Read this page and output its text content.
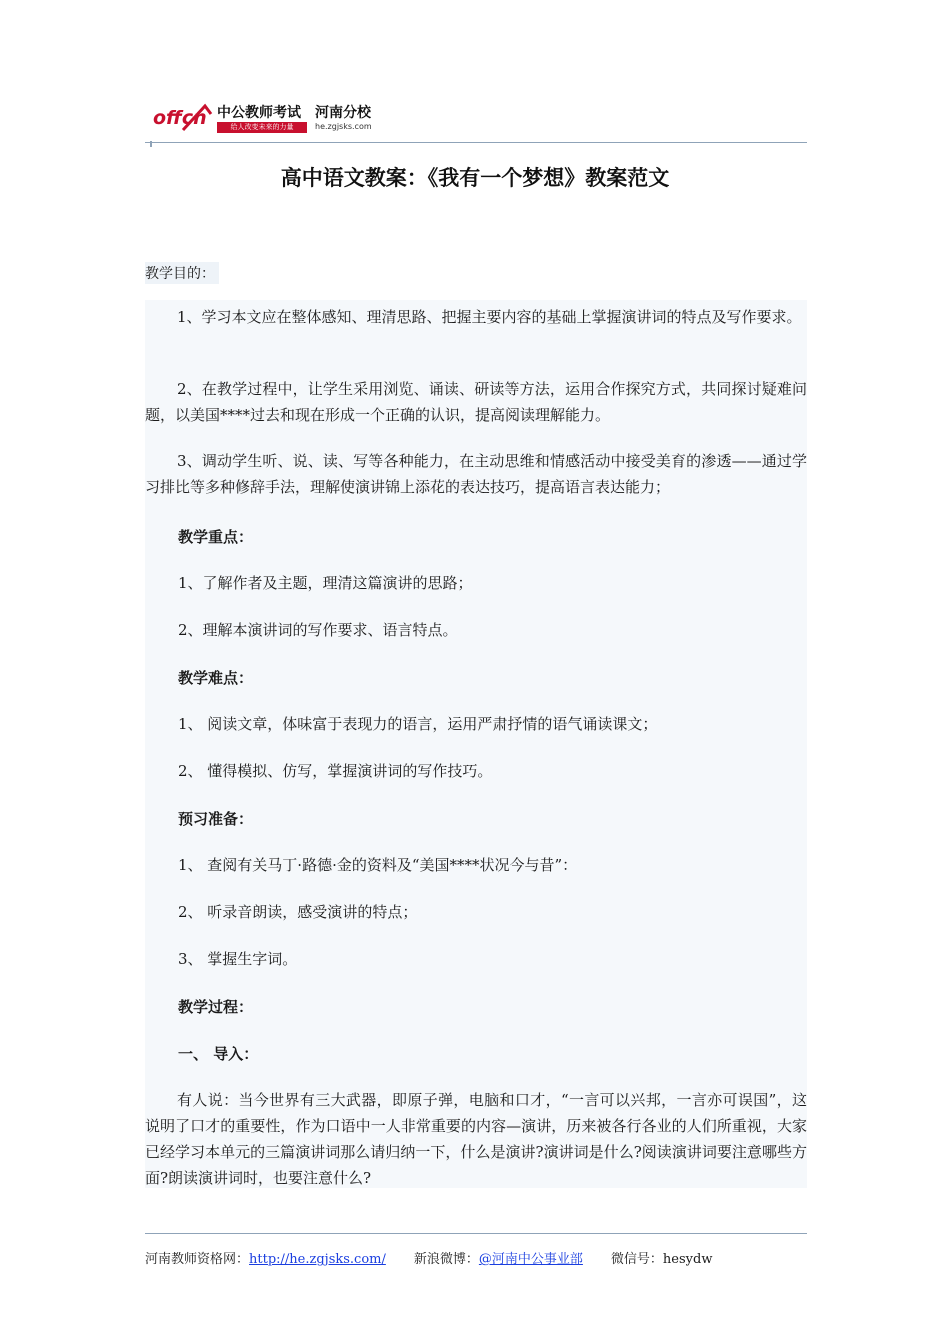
offcn 中公教师考试 河南分校
给人改变未来的力量	he.zgjsks.com
高中语文教案：《我有一个梦想》教案范文
教学目的：
1、学习本文应在整体感知、理清思路、把握主要内容的基础上掌握演讲词的特点及写作要求。
2、在教学过程中，让学生采用浏览、诵读、研读等方法，运用合作探究方式，共同探讨疑难问题，以美国****过去和现在形成一个正确的认识，提高阅读理解能力。
3、调动学生听、说、读、写等各种能力，在主动思维和情感活动中接受美育的渗透——通过学习排比等多种修辞手法，理解使演讲锦上添花的表达技巧，提高语言表达能力；
教学重点：
1、了解作者及主题，理清这篇演讲的思路；
2、理解本演讲词的写作要求、语言特点。
教学难点：
1、 阅读文章，体味富于表现力的语言，运用严肃抒情的语气诵读课文；
2、 懂得模拟、仿写，掌握演讲词的写作技巧。
预习准备：
1、 查阅有关马丁·路德·金的资料及“美国****状况今与昔”：
2、 听录音朗读，感受演讲的特点；
3、 掌握生字词。
教学过程：
一、 导入：
有人说：当今世界有三大武器，即原子弹，电脑和口才，“一言可以兴邦，一言亦可误国”，这说明了口才的重要性，作为口语中一人非常重要的内容—演讲，历来被各行各业的人们所重视，大家已经学习本单元的三篇演讲词那么请归纳一下，什么是演讲?演讲词是什么?阅读演讲词要注意哪些方面?朗读演讲词时，也要注意什么?
河南教师资格网：http://he.zgjsks.com/ 新浪微博：@河南中公事业部 微信号：hesydw
